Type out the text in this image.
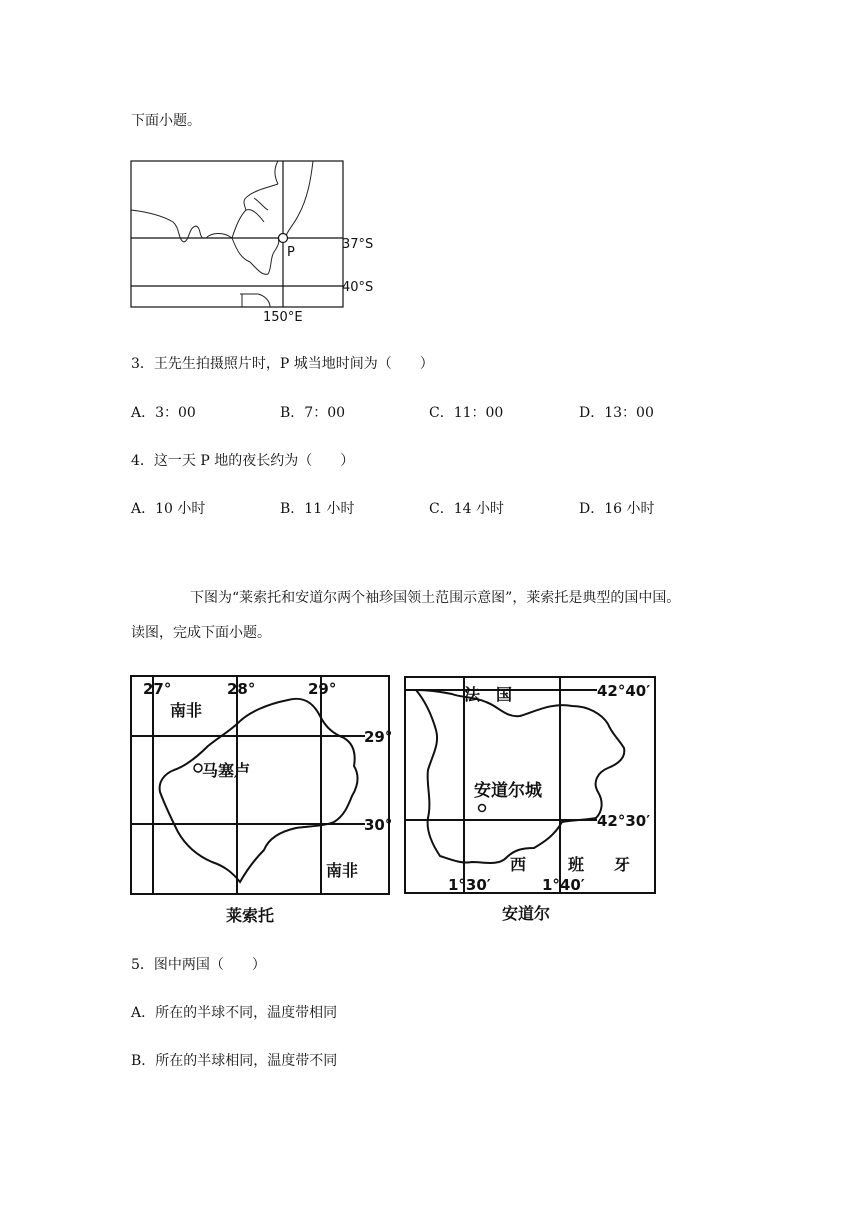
下面小题。
P
37°S
40°S
150°E
3．王先生拍摄照片时，P 城当地时间为（　　）
A．3：00	B．7：00	C．11：00	D．13：00
4．这一天 P 地的夜长约为（　　）
A．10 小时	B．11 小时	C．14 小时	D．16 小时
下图为“莱索托和安道尔两个袖珍国领土范围示意图”，莱索托是典型的国中国。
读图，完成下面小题。
27°	28°	29°
29°
30°
南非
马塞卢
南非
莱索托
法　国	42°40′
42°30′
安道尔城
西	班 牙
1°30′	1°40′
安道尔
5．图中两国（　　）
A．所在的半球不同，温度带相同
B．所在的半球相同，温度带不同
